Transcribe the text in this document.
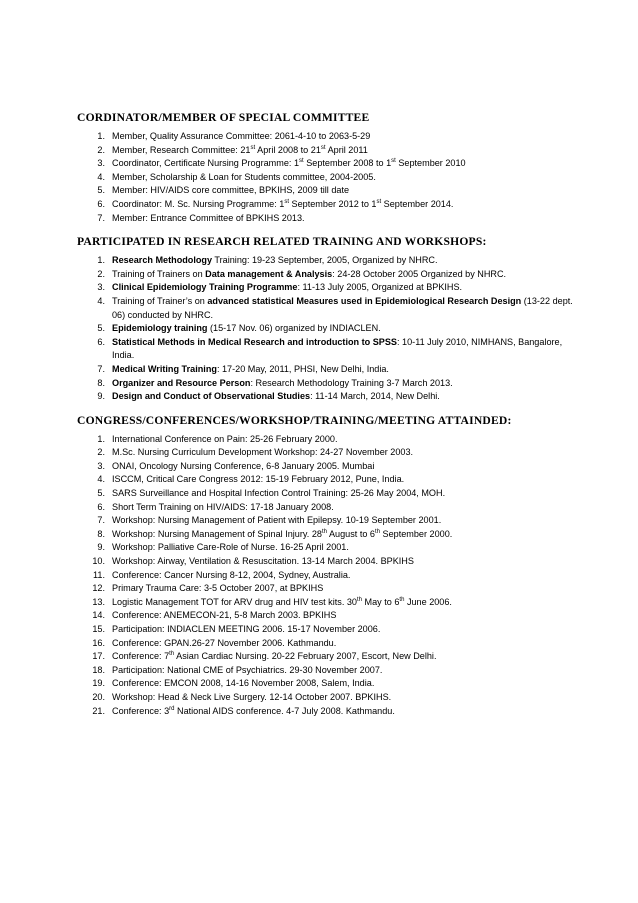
CORDINATOR/MEMBER OF SPECIAL COMMITTEE
1. Member, Quality Assurance Committee: 2061-4-10 to 2063-5-29
2. Member, Research Committee: 21st April 2008 to 21st April 2011
3. Coordinator, Certificate Nursing Programme: 1st September 2008 to 1st September 2010
4. Member, Scholarship & Loan for Students committee, 2004-2005.
5. Member: HIV/AIDS core committee, BPKIHS, 2009 till date
6. Coordinator: M. Sc. Nursing Programme: 1st September 2012 to 1st September 2014.
7. Member: Entrance Committee of BPKIHS 2013.
PARTICIPATED IN RESEARCH RELATED TRAINING AND WORKSHOPS:
1. Research Methodology Training: 19-23 September, 2005, Organized by NHRC.
2. Training of Trainers on Data management & Analysis: 24-28 October 2005 Organized by NHRC.
3. Clinical Epidemiology Training Programme: 11-13 July 2005, Organized at BPKIHS.
4. Training of Trainer’s on advanced statistical Measures used in Epidemiological Research Design (13-22 dept. 06) conducted by NHRC.
5. Epidemiology training (15-17 Nov. 06) organized by INDIACLEN.
6. Statistical Methods in Medical Research and introduction to SPSS: 10-11 July 2010, NIMHANS, Bangalore, India.
7. Medical Writing Training: 17-20 May, 2011, PHSI, New Delhi, India.
8. Organizer and Resource Person: Research Methodology Training 3-7 March 2013.
9. Design and Conduct of Observational Studies: 11-14 March, 2014, New Delhi.
CONGRESS/CONFERENCES/WORKSHOP/TRAINING/MEETING ATTAINDED:
1. International Conference on Pain: 25-26 February 2000.
2. M.Sc. Nursing Curriculum Development Workshop: 24-27 November 2003.
3. ONAI, Oncology Nursing Conference, 6-8 January 2005. Mumbai
4. ISCCM, Critical Care Congress 2012: 15-19 February 2012, Pune, India.
5. SARS Surveillance and Hospital Infection Control Training: 25-26 May 2004, MOH.
6. Short Term Training on HIV/AIDS: 17-18 January 2008.
7. Workshop: Nursing Management of Patient with Epilepsy. 10-19 September 2001.
8. Workshop: Nursing Management of Spinal Injury. 28th August to 6th September 2000.
9. Workshop: Palliative Care-Role of Nurse. 16-25 April 2001.
10. Workshop: Airway, Ventilation & Resuscitation. 13-14 March 2004. BPKIHS
11. Conference: Cancer Nursing 8-12, 2004, Sydney, Australia.
12. Primary Trauma Care: 3-5 October 2007, at BPKIHS
13. Logistic Management TOT for ARV drug and HIV test kits. 30th May to 6th June 2006.
14. Conference: ANEMECON-21, 5-8 March 2003. BPKIHS
15. Participation: INDIACLEN MEETING 2006. 15-17 November 2006.
16. Conference: GPAN.26-27 November 2006. Kathmandu.
17. Conference: 7th Asian Cardiac Nursing. 20-22 February 2007, Escort, New Delhi.
18. Participation: National CME of Psychiatrics. 29-30 November 2007.
19. Conference: EMCON 2008, 14-16 November 2008, Salem, India.
20. Workshop: Head & Neck Live Surgery. 12-14 October 2007. BPKIHS.
21. Conference: 3rd National AIDS conference. 4-7 July 2008. Kathmandu.
